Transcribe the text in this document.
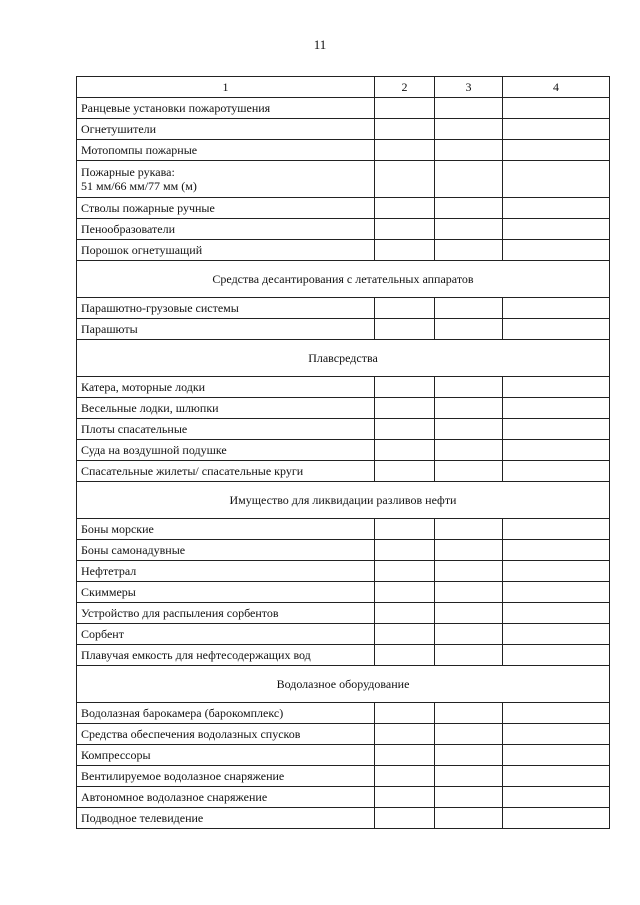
11
1	2	3	4

Ранцевые установки пожаротушения			

Огнетушители			

Мотопомпы пожарные			

Пожарные рукава:
51 мм/66 мм/77 мм (м)			

Стволы пожарные ручные			

Пенообразователи			

Порошок огнетушащий			

Средства десантирования с летательных аппаратов			

Парашютно-грузовые системы			

Парашюты			

Плавсредства			

Катера, моторные лодки			

Весельные лодки, шлюпки			

Плоты спасательные			

Суда на воздушной подушке			

Спасательные жилеты/ спасательные круги			

Имущество для ликвидации разливов нефти			

Боны морские			

Боны самонадувные			

Нефтетрал			

Скиммеры			

Устройство для распыления сорбентов			

Сорбент			

Плавучая емкость для нефтесодержащих вод			

Водолазное оборудование			

Водолазная барокамера (барокомплекс)			

Средства обеспечения водолазных спусков			

Компрессоры			

Вентилируемое водолазное снаряжение			

Автономное водолазное снаряжение			

Подводное телевидение			
